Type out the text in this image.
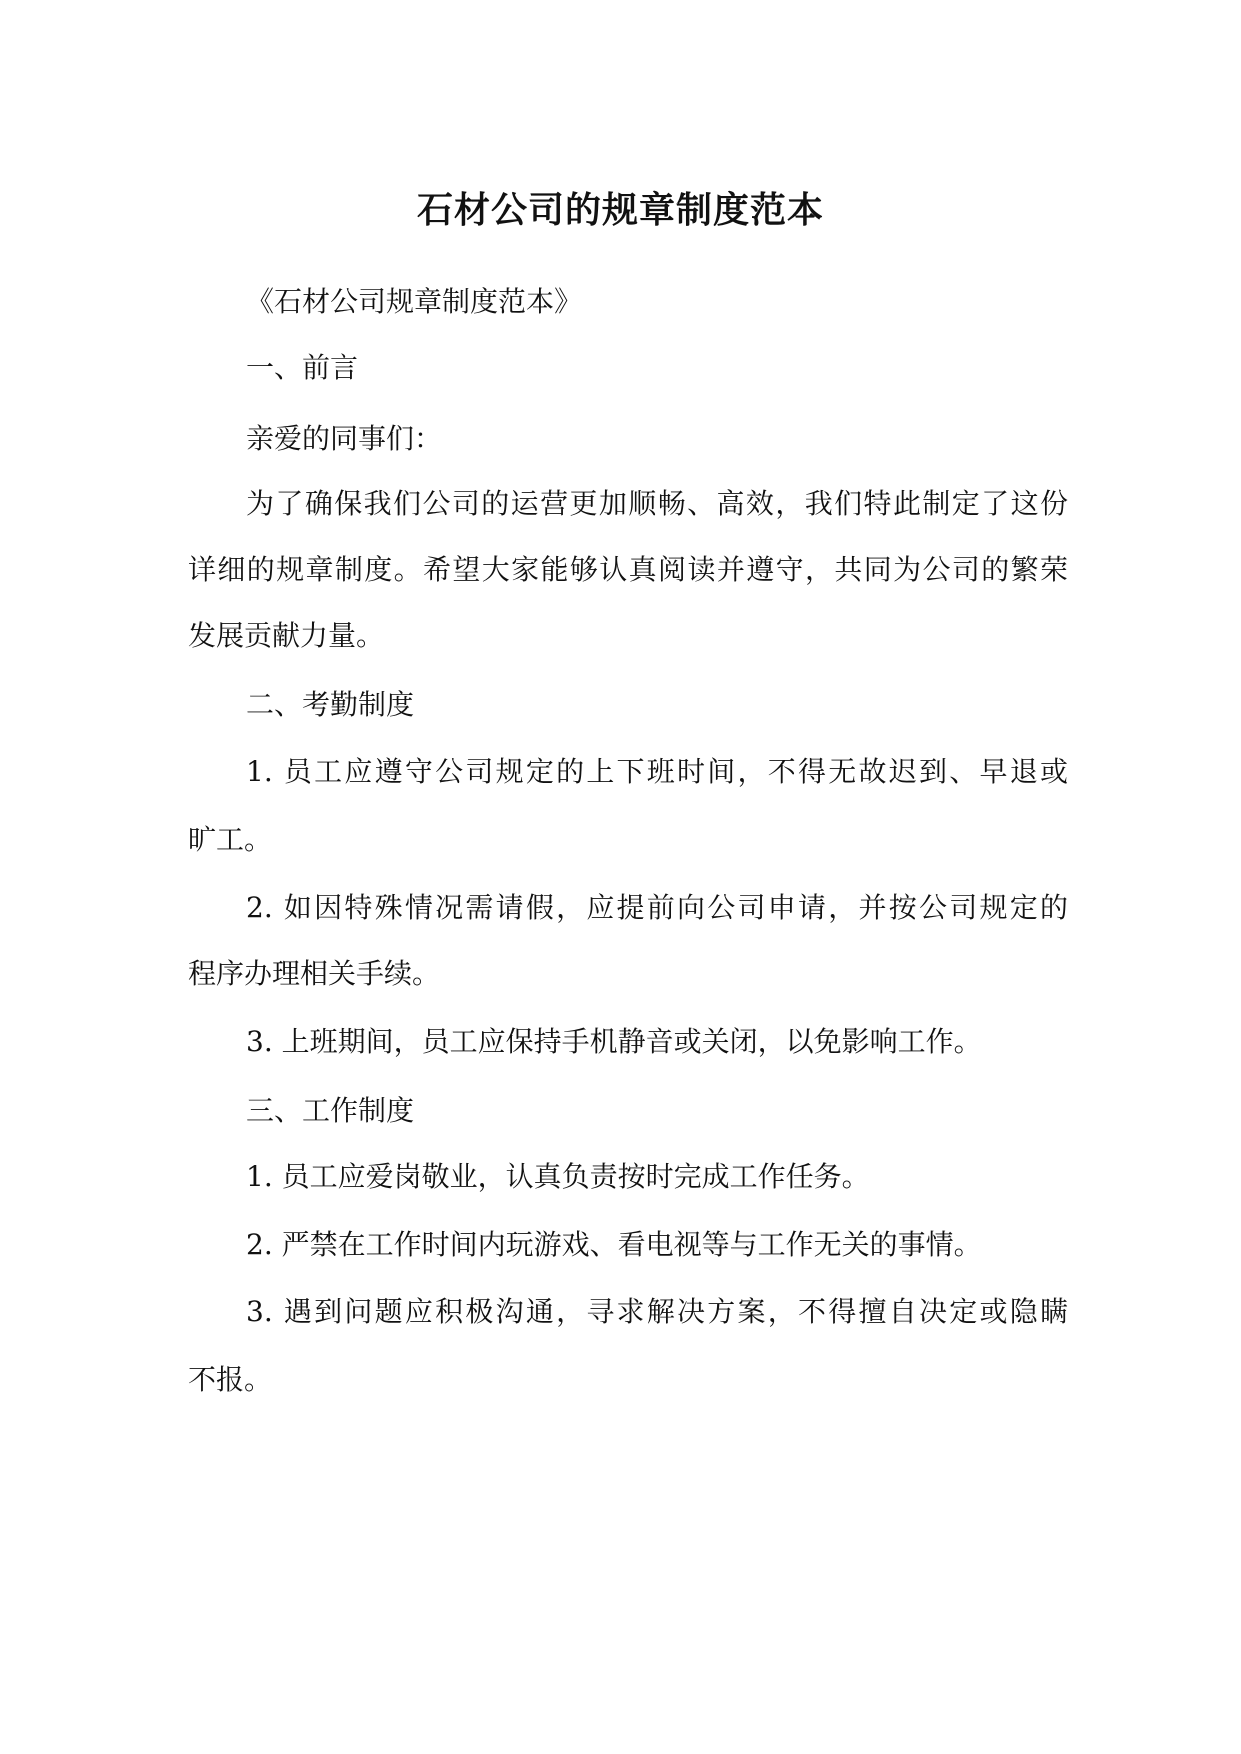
石材公司的规章制度范本

《石材公司规章制度范本》

一、前言

亲爱的同事们：

为了确保我们公司的运营更加顺畅、高效，我们特此制定了这份

详细的规章制度。希望大家能够认真阅读并遵守，共同为公司的繁荣

发展贡献力量。

二、考勤制度

1. 员工应遵守公司规定的上下班时间，不得无故迟到、早退或

旷工。

2. 如因特殊情况需请假，应提前向公司申请，并按公司规定的

程序办理相关手续。

3. 上班期间，员工应保持手机静音或关闭，以免影响工作。

三、工作制度

1. 员工应爱岗敬业，认真负责按时完成工作任务。

2. 严禁在工作时间内玩游戏、看电视等与工作无关的事情。

3. 遇到问题应积极沟通，寻求解决方案，不得擅自决定或隐瞒

不报。
